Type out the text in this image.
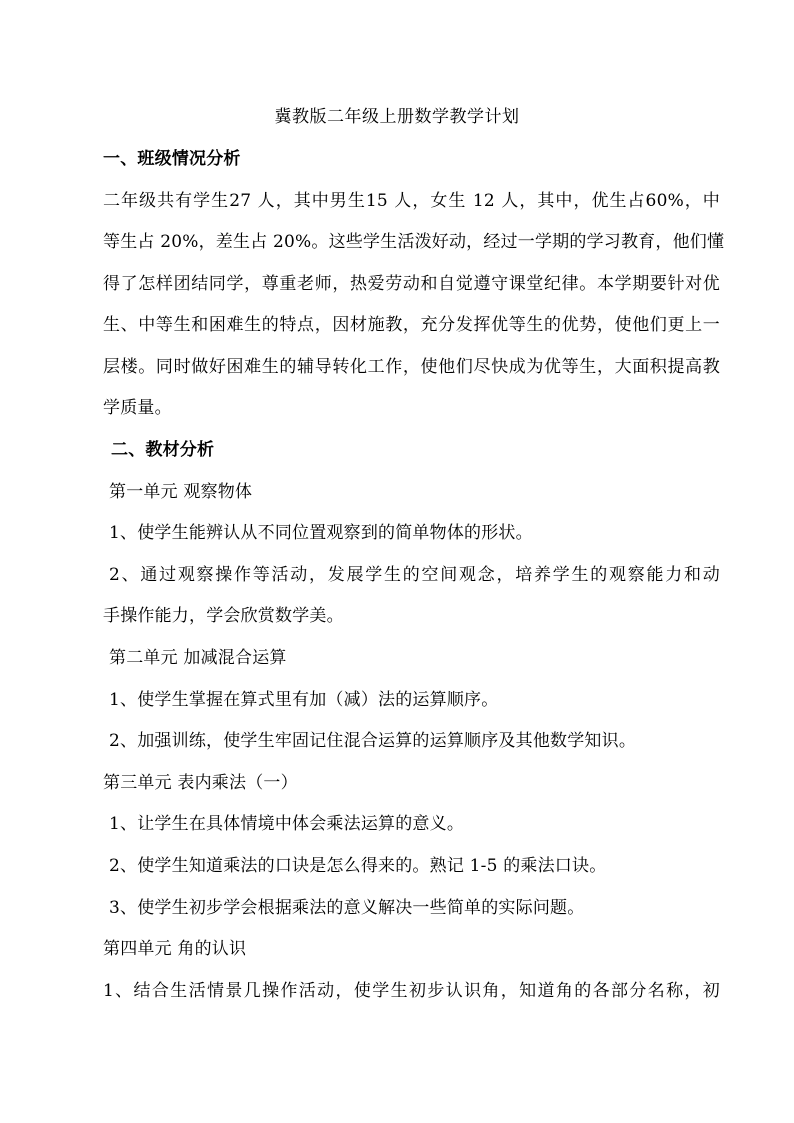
冀教版二年级上册数学教学计划
一、班级情况分析
二年级共有学生27 人，其中男生15 人，女生 12 人，其中，优生占60%，中
等生占 20%，差生占 20%。这些学生活泼好动，经过一学期的学习教育，他们懂
得了怎样团结同学，尊重老师，热爱劳动和自觉遵守课堂纪律。本学期要针对优
生、中等生和困难生的特点，因材施教，充分发挥优等生的优势，使他们更上一
层楼。同时做好困难生的辅导转化工作，使他们尽快成为优等生，大面积提高教
学质量。
二、教材分析
第一单元 观察物体
1、使学生能辨认从不同位置观察到的简单物体的形状。
2、通过观察操作等活动，发展学生的空间观念，培养学生的观察能力和动
手操作能力，学会欣赏数学美。
第二单元 加减混合运算
1、使学生掌握在算式里有加（减）法的运算顺序。
2、加强训练，使学生牢固记住混合运算的运算顺序及其他数学知识。
第三单元 表内乘法（一）
1、让学生在具体情境中体会乘法运算的意义。
2、使学生知道乘法的口诀是怎么得来的。熟记 1-5 的乘法口诀。
3、使学生初步学会根据乘法的意义解决一些简单的实际问题。
第四单元 角的认识
1、结合生活情景几操作活动，使学生初步认识角，知道角的各部分名称，初
